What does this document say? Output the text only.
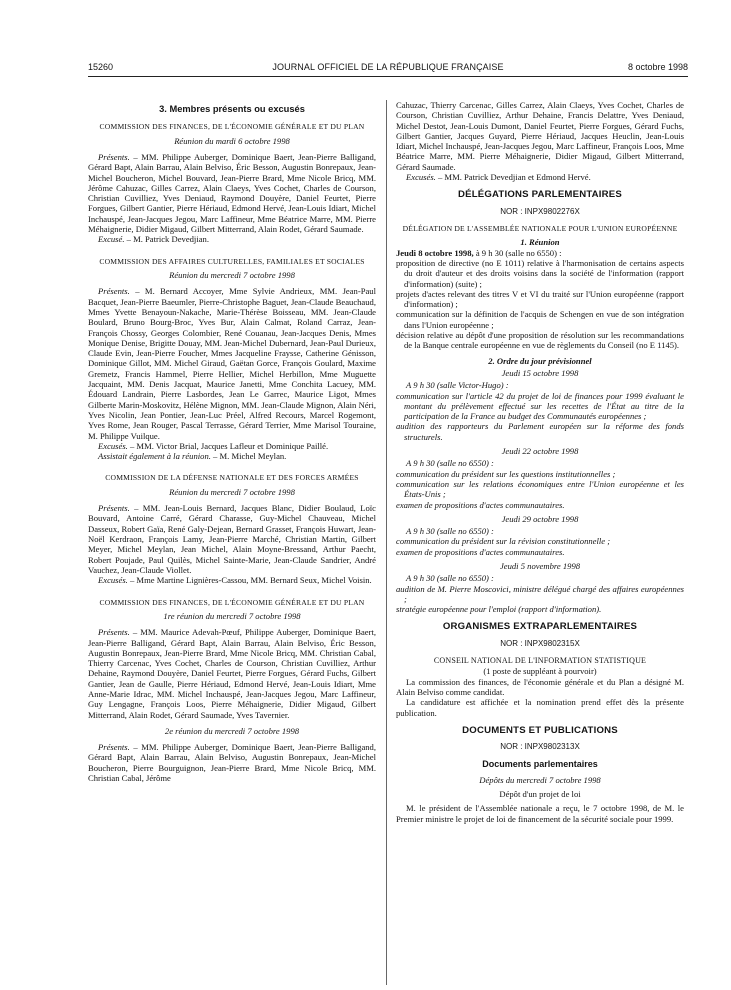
15260	JOURNAL OFFICIEL DE LA RÉPUBLIQUE FRANÇAISE	8 octobre 1998
3. Membres présents ou excusés
COMMISSION DES FINANCES, DE L'ÉCONOMIE GÉNÉRALE ET DU PLAN
Réunion du mardi 6 octobre 1998

Présents. – MM. Philippe Auberger, Dominique Baert, Jean-Pierre Balligand, Gérard Bapt, Alain Barrau, Alain Belviso, Éric Besson, Augustin Bonrepaux, Jean-Michel Boucheron, Michel Bouvard, Jean-Pierre Brard, Mme Nicole Bricq, MM. Jérôme Cahuzac, Gilles Carrez, Alain Claeys, Yves Cochet, Charles de Courson, Christian Cuvilliez, Yves Deniaud, Raymond Douyère, Daniel Feurtet, Pierre Forgues, Gilbert Gantier, Pierre Hériaud, Edmond Hervé, Jean-Louis Idiart, Michel Inchauspé, Jean-Jacques Jegou, Marc Laffineur, Mme Béatrice Marre, MM. Pierre Méhaignerie, Didier Migaud, Gilbert Mitterrand, Alain Rodet, Gérard Saumade.

Excusé. – M. Patrick Devedjian.

COMMISSION DES AFFAIRES CULTURELLES, FAMILIALES ET SOCIALES
Réunion du mercredi 7 octobre 1998

Présents. – M. Bernard Accoyer, Mme Sylvie Andrieux, MM. Jean-Paul Bacquet, Jean-Pierre Baeumler, Pierre-Christophe Baguet, Jean-Claude Beauchaud, Mmes Yvette Benayoun-Nakache, Marie-Thérèse Boisseau, MM. Jean-Claude Boulard, Bruno Bourg-Broc, Yves Bur, Alain Calmat, Roland Carraz, Jean-François Chossy, Georges Colombier, René Couanau, Jean-Jacques Denis, Mmes Monique Denise, Brigitte Douay, MM. Jean-Michel Dubernard, Jean-Paul Durieux, Claude Evin, Jean-Pierre Foucher, Mmes Jacqueline Fraysse, Catherine Génisson, Dominique Gillot, MM. Michel Giraud, Gaëtan Gorce, François Goulard, Maxime Gremetz, Francis Hammel, Pierre Hellier, Michel Herbillon, Mme Muguette Jacquaint, MM. Denis Jacquat, Maurice Janetti, Mme Conchita Lacuey, MM. Édouard Landrain, Pierre Lasbordes, Jean Le Garrec, Maurice Ligot, Mmes Gilberte Marin-Moskovitz, Hélène Mignon, MM. Jean-Claude Mignon, Alain Néri, Yves Nicolin, Jean Pontier, Jean-Luc Préel, Alfred Recours, Marcel Rogemont, Yves Rome, Jean Rouger, Pascal Terrasse, Gérard Terrier, Mme Marisol Touraine, M. Philippe Vuilque.

Excusés. – MM. Victor Brial, Jacques Lafleur et Dominique Paillé.

Assistait également à la réunion. – M. Michel Meylan.

COMMISSION DE LA DÉFENSE NATIONALE ET DES FORCES ARMÉES
Réunion du mercredi 7 octobre 1998

Présents. – MM. Jean-Louis Bernard, Jacques Blanc, Didier Boulaud, Loïc Bouvard, Antoine Carré, Gérard Charasse, Guy-Michel Chauveau, Michel Dasseux, Robert Gaïa, René Galy-Dejean, Bernard Grasset, François Huwart, Jean-Noël Kerdraon, François Lamy, Jean-Pierre Marché, Christian Martin, Gilbert Meyer, Michel Meylan, Jean Michel, Alain Moyne-Bressand, Arthur Paecht, Robert Poujade, Paul Quilès, Michel Sainte-Marie, Jean-Claude Sandrier, André Vauchez, Jean-Claude Viollet.

Excusés. – Mme Martine Lignières-Cassou, MM. Bernard Seux, Michel Voisin.

COMMISSION DES FINANCES, DE L'ÉCONOMIE GÉNÉRALE ET DU PLAN
1re réunion du mercredi 7 octobre 1998

Présents. – MM. Maurice Adevah-Pœuf, Philippe Auberger, Dominique Baert, Jean-Pierre Balligand, Gérard Bapt, Alain Barrau, Alain Belviso, Éric Besson, Augustin Bonrepaux, Jean-Pierre Brard, Mme Nicole Bricq, MM. Christian Cabal, Thierry Carcenac, Yves Cochet, Charles de Courson, Christian Cuvilliez, Arthur Dehaine, Raymond Douyère, Daniel Feurtet, Pierre Forgues, Gérard Fuchs, Gilbert Gantier, Jean de Gaulle, Pierre Hériaud, Edmond Hervé, Jean-Louis Idiart, Mme Anne-Marie Idrac, MM. Michel Inchauspé, Jean-Jacques Jegou, Marc Laffineur, Guy Lengagne, François Loos, Pierre Méhaignerie, Didier Migaud, Gilbert Mitterrand, Alain Rodet, Gérard Saumade, Yves Tavernier.

2e réunion du mercredi 7 octobre 1998

Présents. – MM. Philippe Auberger, Dominique Baert, Jean-Pierre Balligand, Gérard Bapt, Alain Barrau, Alain Belviso, Augustin Bonrepaux, Jean-Michel Boucheron, Pierre Bourguignon, Jean-Pierre Brard, Mme Nicole Bricq, MM. Christian Cabal, Jérôme

Cahuzac, Thierry Carcenac, Gilles Carrez, Alain Claeys, Yves Cochet, Charles de Courson, Christian Cuvilliez, Arthur Dehaine, Francis Delattre, Yves Deniaud, Michel Destot, Jean-Louis Dumont, Daniel Feurtet, Pierre Forgues, Gérard Fuchs, Gilbert Gantier, Jacques Guyard, Pierre Hériaud, Jacques Heuclin, Jean-Louis Idiart, Michel Inchauspé, Jean-Jacques Jegou, Marc Laffineur, François Loos, Mme Béatrice Marre, MM. Pierre Méhaignerie, Didier Migaud, Gilbert Mitterrand, Gérard Saumade.

Excusés. – MM. Patrick Devedjian et Edmond Hervé.

DÉLÉGATIONS PARLEMENTAIRES
NOR : INPX9802276X
DÉLÉGATION DE L'ASSEMBLÉE NATIONALE POUR L'UNION EUROPÉENNE
1. Réunion

Jeudi 8 octobre 1998, à 9 h 30 (salle no 6550) :

proposition de directive (no E 1011) relative à l'harmonisation de certains aspects du droit d'auteur et des droits voisins dans la société de l'information (rapport d'information) (suite) ;

projets d'actes relevant des titres V et VI du traité sur l'Union européenne (rapport d'information) ;

communication sur la définition de l'acquis de Schengen en vue de son intégration dans l'Union européenne ;

décision relative au dépôt d'une proposition de résolution sur les recommandations de la Banque centrale européenne en vue de règlements du Conseil (no E 1145).

2. Ordre du jour prévisionnel
Jeudi 15 octobre 1998

A 9 h 30 (salle Victor-Hugo) :

communication sur l'article 42 du projet de loi de finances pour 1999 évaluant le montant du prélèvement effectué sur les recettes de l'État au titre de la participation de la France au budget des Communautés européennes ;

audition des rapporteurs du Parlement européen sur la réforme des fonds structurels.

Jeudi 22 octobre 1998

A 9 h 30 (salle no 6550) :

communication du président sur les questions institutionnelles ;

communication sur les relations économiques entre l'Union européenne et les États-Unis ;

examen de propositions d'actes communautaires.

Jeudi 29 octobre 1998

A 9 h 30 (salle no 6550) :

communication du président sur la révision constitutionnelle ;

examen de propositions d'actes communautaires.

Jeudi 5 novembre 1998

A 9 h 30 (salle no 6550) :

audition de M. Pierre Moscovici, ministre délégué chargé des affaires européennes ;

stratégie européenne pour l'emploi (rapport d'information).

ORGANISMES EXTRAPARLEMENTAIRES
NOR : INPX9802315X
CONSEIL NATIONAL DE L'INFORMATION STATISTIQUE
(1 poste de suppléant à pourvoir)

La commission des finances, de l'économie générale et du Plan a désigné M. Alain Belviso comme candidat.

La candidature est affichée et la nomination prend effet dès la présente publication.

DOCUMENTS ET PUBLICATIONS
NOR : INPX9802313X
Documents parlementaires
Dépôts du mercredi 7 octobre 1998
Dépôt d'un projet de loi

M. le président de l'Assemblée nationale a reçu, le 7 octobre 1998, de M. le Premier ministre le projet de loi de financement de la sécurité sociale pour 1999.
